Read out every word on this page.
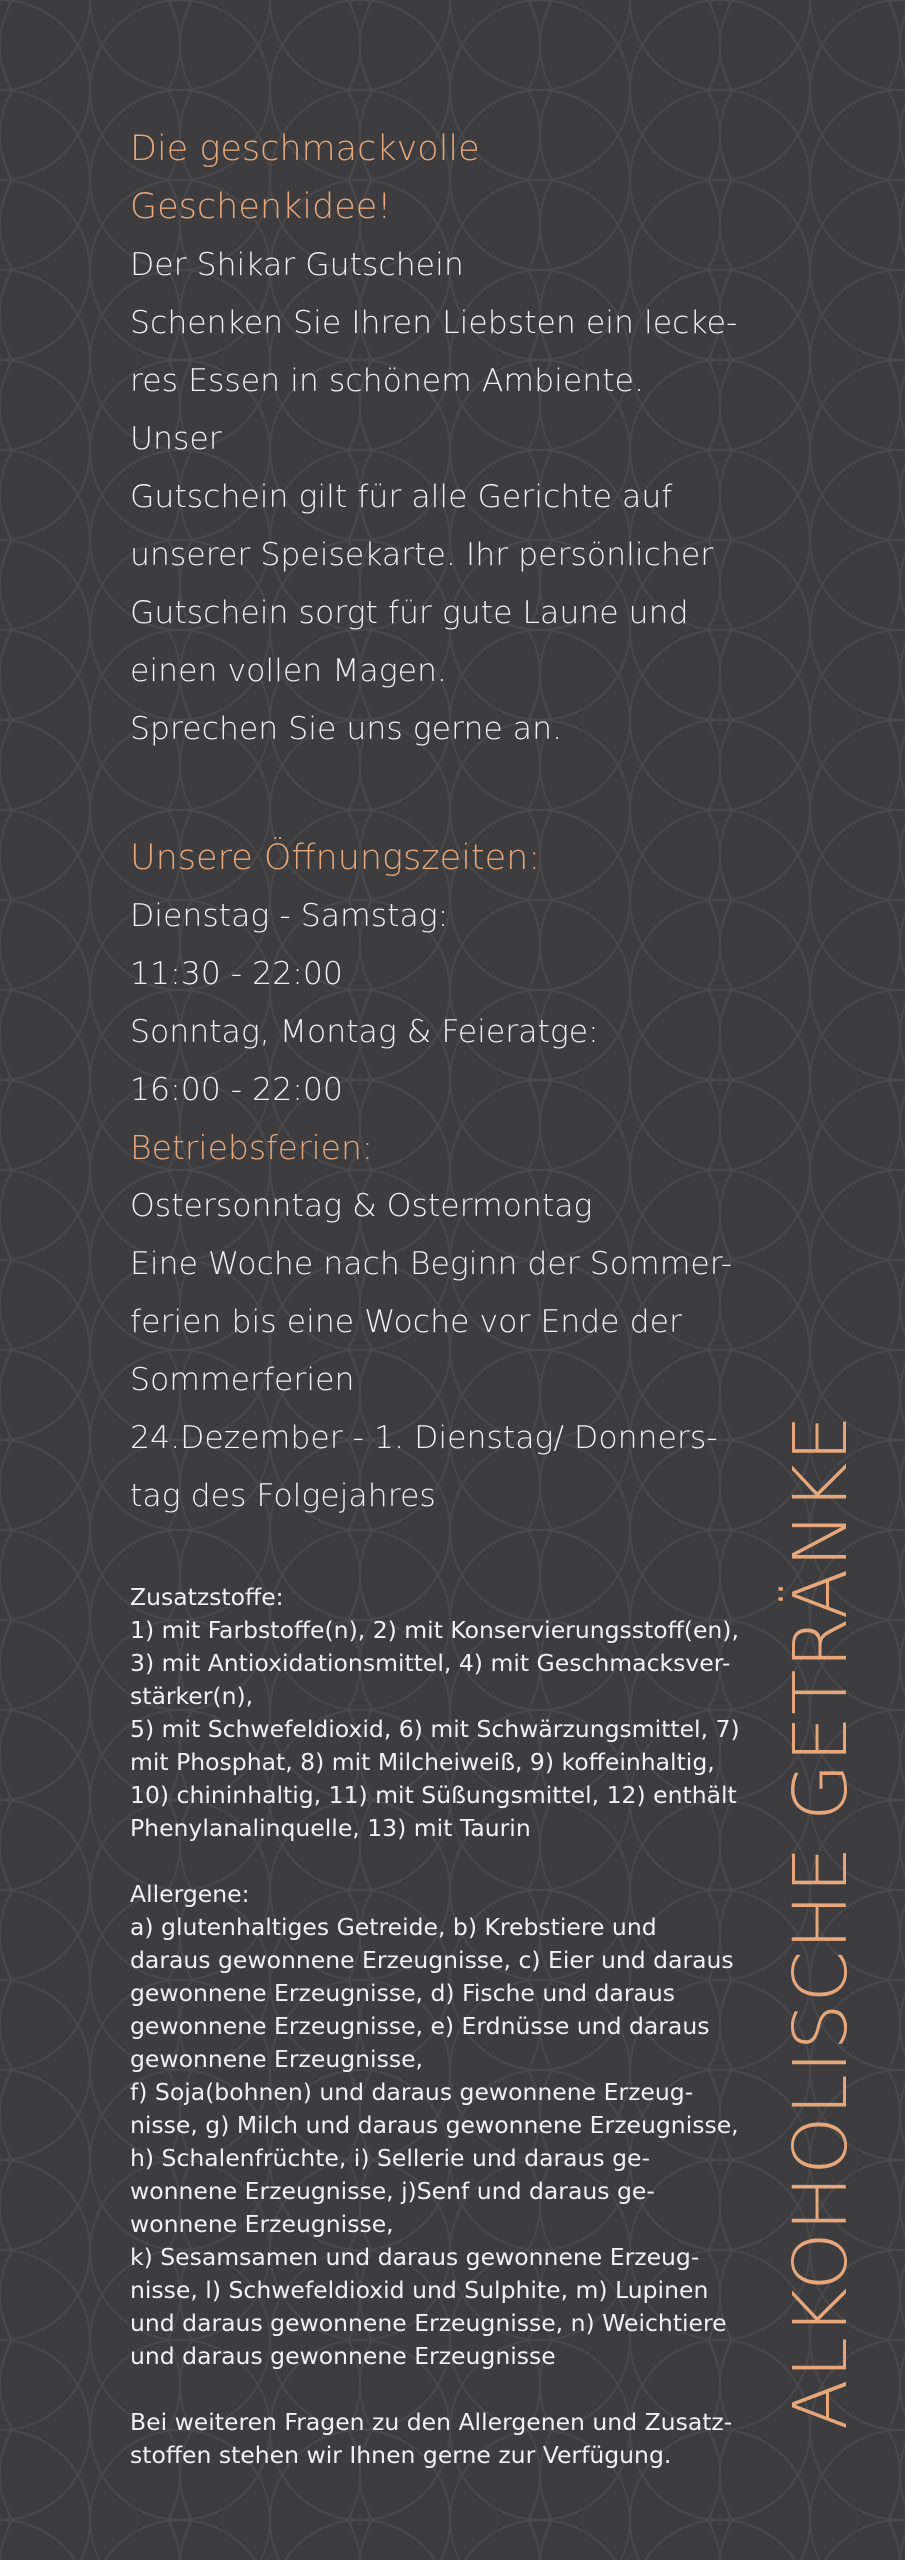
Die geschmackvolle

Geschenkidee!

Der Shikar Gutschein

Schenken Sie Ihren Liebsten ein lecke-

res Essen in schönem Ambiente. Unser

Gutschein gilt für alle Gerichte auf

unserer Speisekarte. Ihr persönlicher

Gutschein sorgt für gute Laune und

einen vollen Magen.

Sprechen Sie uns gerne an.

Unsere Öffnungszeiten:

Dienstag - Samstag:

11:30 - 22:00

Sonntag, Montag & Feieratge:

16:00 - 22:00

Betriebsferien:

Ostersonntag & Ostermontag

Eine Woche nach Beginn der Sommer-

ferien bis eine Woche vor Ende der

Sommerferien

24.Dezember - 1. Dienstag/ Donners-

tag des Folgejahres

Zusatzstoffe:

1) mit Farbstoffe(n), 2) mit Konservierungsstoff(en),

3) mit Antioxidationsmittel, 4) mit Geschmacksver-

stärker(n),

5) mit Schwefeldioxid, 6) mit Schwärzungsmittel, 7)

mit Phosphat, 8) mit Milcheiweiß, 9) koffeinhaltig,

10) chininhaltig, 11) mit Süßungsmittel, 12) enthält

Phenylanalinquelle, 13) mit Taurin

Allergene:

a) glutenhaltiges Getreide, b) Krebstiere und

daraus gewonnene Erzeugnisse, c) Eier und daraus

gewonnene Erzeugnisse, d) Fische und daraus

gewonnene Erzeugnisse, e) Erdnüsse und daraus

gewonnene Erzeugnisse,

f) Soja(bohnen) und daraus gewonnene Erzeug-

nisse, g) Milch und daraus gewonnene Erzeugnisse,

h) Schalenfrüchte, i) Sellerie und daraus ge-

wonnene Erzeugnisse, j)Senf und daraus ge-

wonnene Erzeugnisse,

k) Sesamsamen und daraus gewonnene Erzeug-

nisse, l) Schwefeldioxid und Sulphite, m) Lupinen

und daraus gewonnene Erzeugnisse, n) Weichtiere

und daraus gewonnene Erzeugnisse

Bei weiteren Fragen zu den Allergenen und Zusatz-

stoffen stehen wir Ihnen gerne zur Verfügung.

ALKOHOLISCHE GETRÄNKE
